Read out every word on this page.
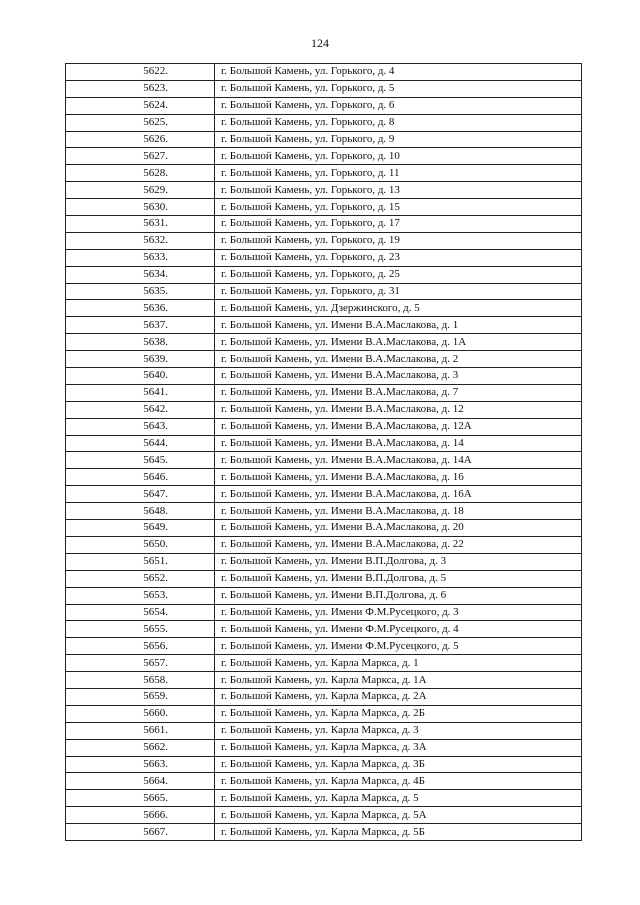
124
5622.	г. Большой Камень, ул. Горького, д. 4
5623.	г. Большой Камень, ул. Горького, д. 5
5624.	г. Большой Камень, ул. Горького, д. 6
5625.	г. Большой Камень, ул. Горького, д. 8
5626.	г. Большой Камень, ул. Горького, д. 9
5627.	г. Большой Камень, ул. Горького, д. 10
5628.	г. Большой Камень, ул. Горького, д. 11
5629.	г. Большой Камень, ул. Горького, д. 13
5630.	г. Большой Камень, ул. Горького, д. 15
5631.	г. Большой Камень, ул. Горького, д. 17
5632.	г. Большой Камень, ул. Горького, д. 19
5633.	г. Большой Камень, ул. Горького, д. 23
5634.	г. Большой Камень, ул. Горького, д. 25
5635.	г. Большой Камень, ул. Горького, д. 31
5636.	г. Большой Камень, ул. Дзержинского, д. 5
5637.	г. Большой Камень, ул. Имени В.А.Маслакова, д. 1
5638.	г. Большой Камень, ул. Имени В.А.Маслакова, д. 1А
5639.	г. Большой Камень, ул. Имени В.А.Маслакова, д. 2
5640.	г. Большой Камень, ул. Имени В.А.Маслакова, д. 3
5641.	г. Большой Камень, ул. Имени В.А.Маслакова, д. 7
5642.	г. Большой Камень, ул. Имени В.А.Маслакова, д. 12
5643.	г. Большой Камень, ул. Имени В.А.Маслакова, д. 12А
5644.	г. Большой Камень, ул. Имени В.А.Маслакова, д. 14
5645.	г. Большой Камень, ул. Имени В.А.Маслакова, д. 14А
5646.	г. Большой Камень, ул. Имени В.А.Маслакова, д. 16
5647.	г. Большой Камень, ул. Имени В.А.Маслакова, д. 16А
5648.	г. Большой Камень, ул. Имени В.А.Маслакова, д. 18
5649.	г. Большой Камень, ул. Имени В.А.Маслакова, д. 20
5650.	г. Большой Камень, ул. Имени В.А.Маслакова, д. 22
5651.	г. Большой Камень, ул. Имени В.П.Долгова, д. 3
5652.	г. Большой Камень, ул. Имени В.П.Долгова, д. 5
5653.	г. Большой Камень, ул. Имени В.П.Долгова, д. 6
5654.	г. Большой Камень, ул. Имени Ф.М.Русецкого, д. 3
5655.	г. Большой Камень, ул. Имени Ф.М.Русецкого, д. 4
5656.	г. Большой Камень, ул. Имени Ф.М.Русецкого, д. 5
5657.	г. Большой Камень, ул. Карла Маркса, д. 1
5658.	г. Большой Камень, ул. Карла Маркса, д. 1А
5659.	г. Большой Камень, ул. Карла Маркса, д. 2А
5660.	г. Большой Камень, ул. Карла Маркса, д. 2Б
5661.	г. Большой Камень, ул. Карла Маркса, д. 3
5662.	г. Большой Камень, ул. Карла Маркса, д. 3А
5663.	г. Большой Камень, ул. Карла Маркса, д. 3Б
5664.	г. Большой Камень, ул. Карла Маркса, д. 4Б
5665.	г. Большой Камень, ул. Карла Маркса, д. 5
5666.	г. Большой Камень, ул. Карла Маркса, д. 5А
5667.	г. Большой Камень, ул. Карла Маркса, д. 5Б
